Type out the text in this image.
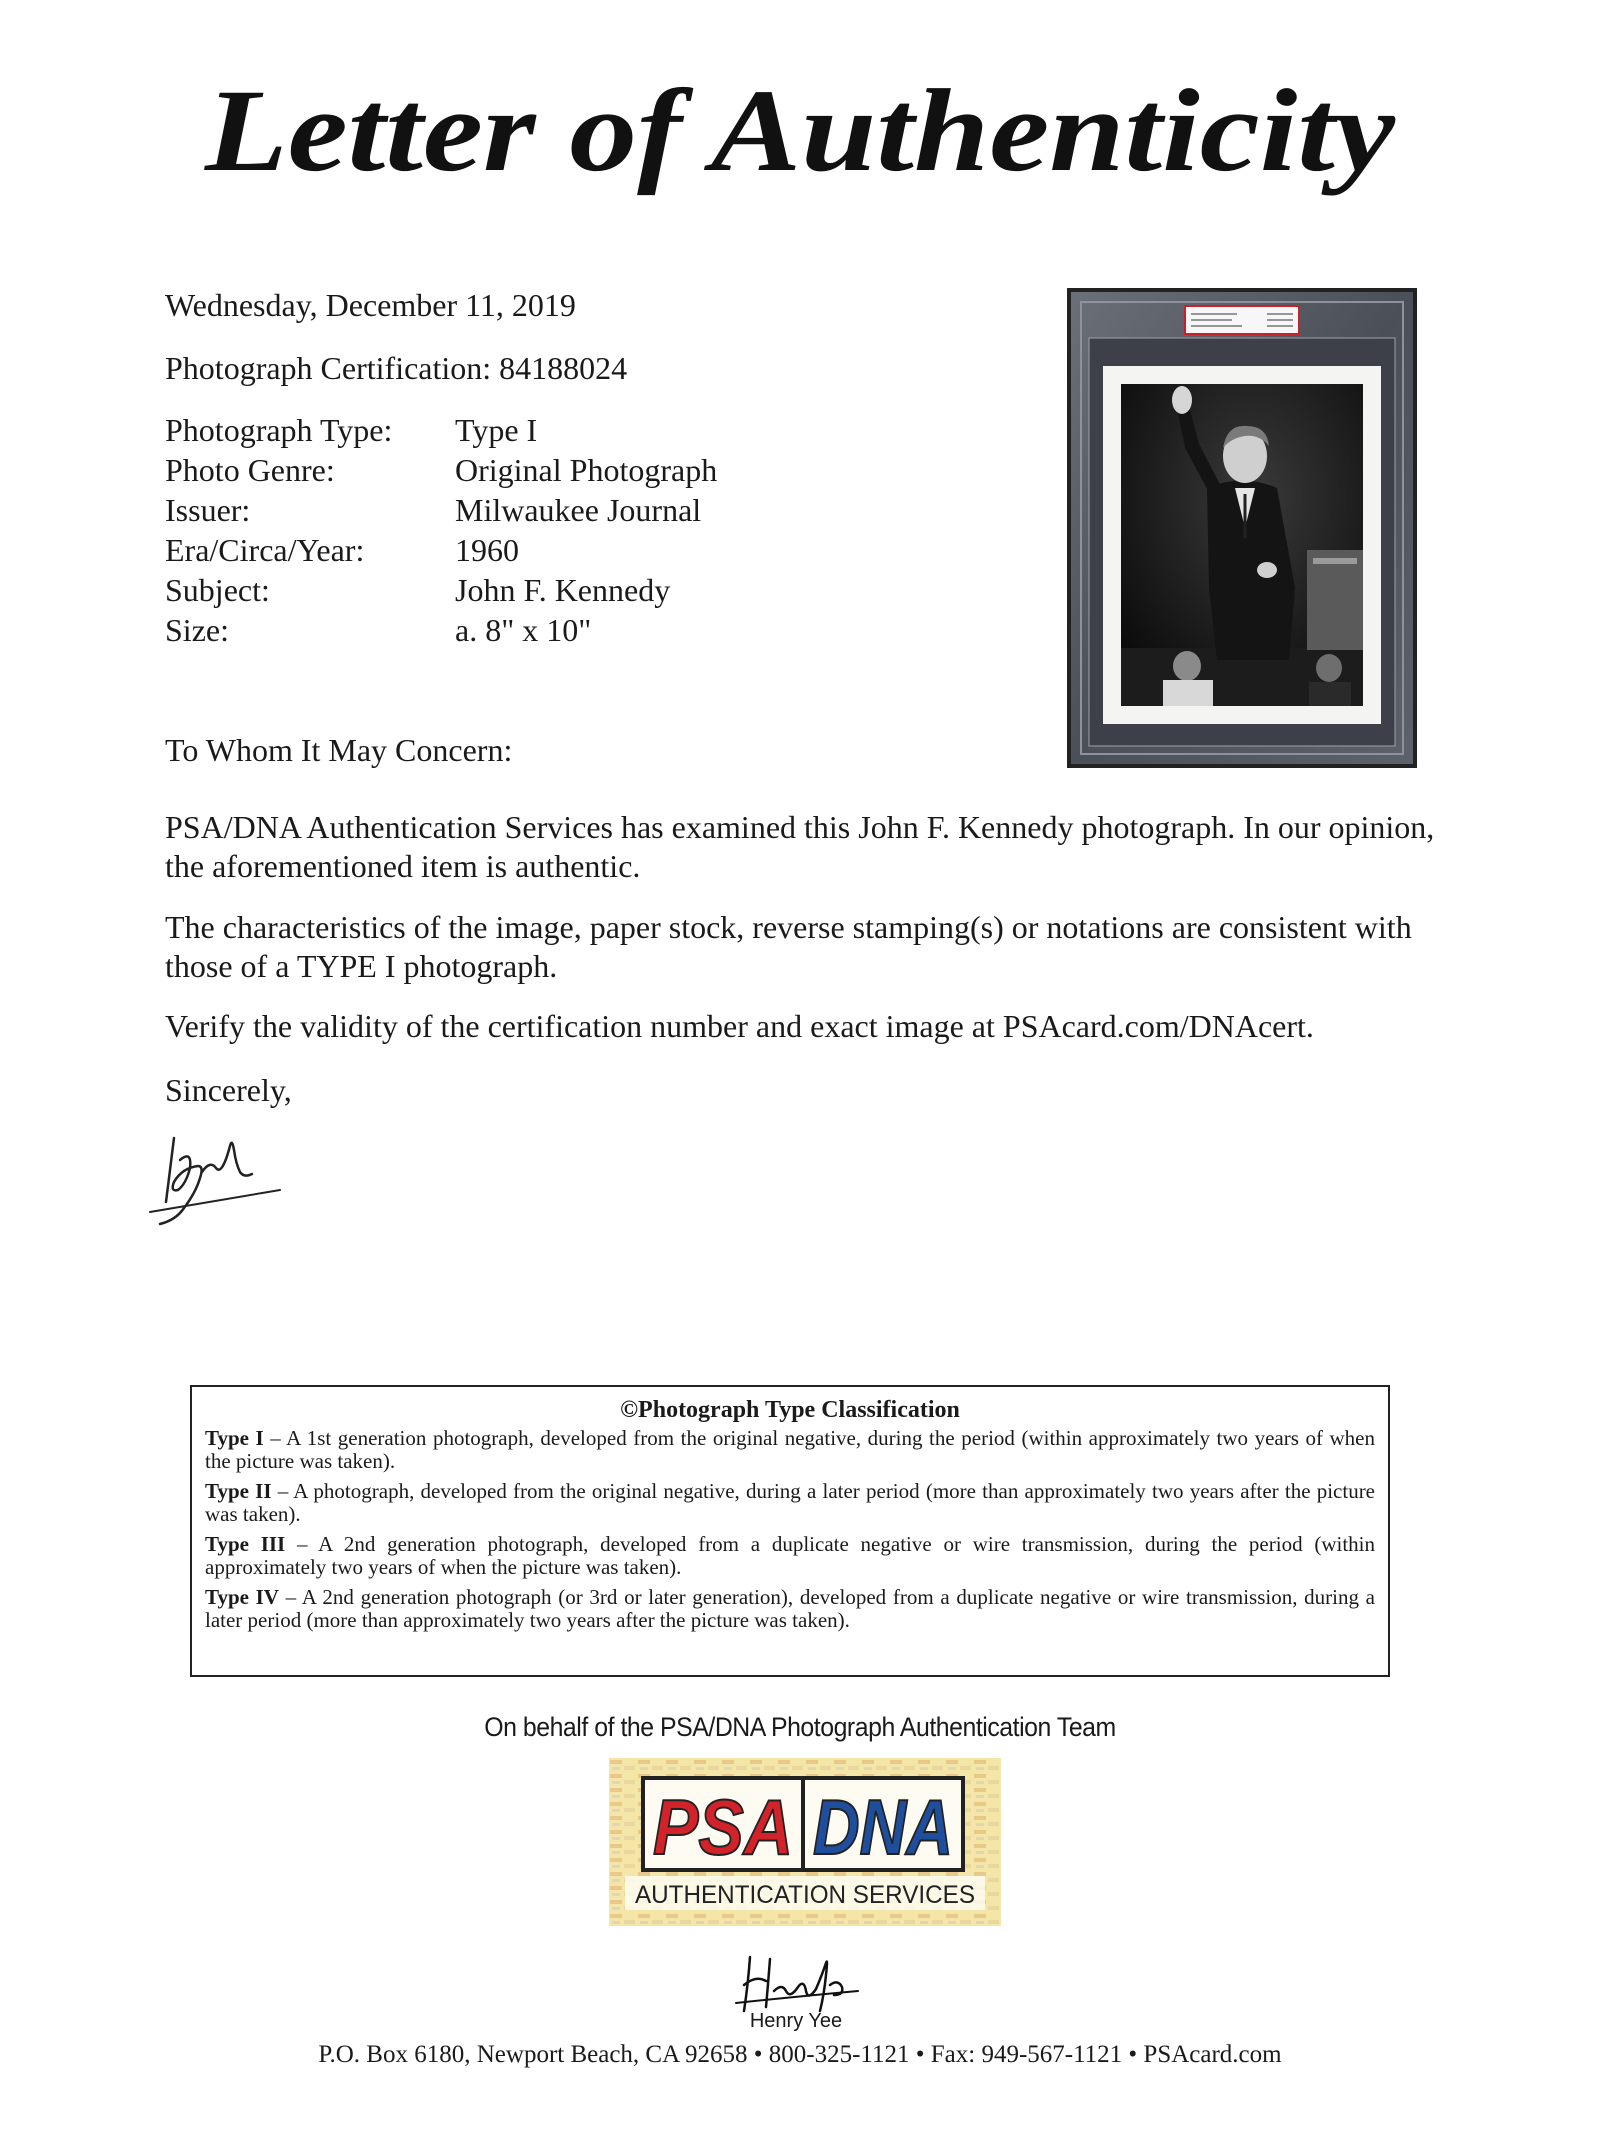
Letter of Authenticity
Wednesday, December 11, 2019
Photograph Certification: 84188024
Photograph Type:	Type I
Photo Genre:	Original Photograph
Issuer:	Milwaukee Journal
Era/Circa/Year:	1960
Subject:	John F. Kennedy
Size:	a. 8" x 10"
To Whom It May Concern:
PSA/DNA Authentication Services has examined this John F. Kennedy photograph. In our opinion, the aforementioned item is authentic.
The characteristics of the image, paper stock, reverse stamping(s) or notations are consistent with those of a TYPE I photograph.
Verify the validity of the certification number and exact image at PSAcard.com/DNAcert.
Sincerely,
©Photograph Type Classification
Type I – A 1st generation photograph, developed from the original negative, during the period (within approximately two years of when the picture was taken).
Type II – A photograph, developed from the original negative, during a later period (more than approximately two years after the picture was taken).
Type III – A 2nd generation photograph, developed from a duplicate negative or wire transmission, during the period (within approximately two years of when the picture was taken).
Type IV – A 2nd generation photograph (or 3rd or later generation), developed from a duplicate negative or wire transmission, during a later period (more than approximately two years after the picture was taken).
On behalf of the PSA/DNA Photograph Authentication Team
PSA DNA
AUTHENTICATION SERVICES
Henry Yee
P.O. Box 6180, Newport Beach, CA 92658 • 800-325-1121 • Fax: 949-567-1121 • PSAcard.com
